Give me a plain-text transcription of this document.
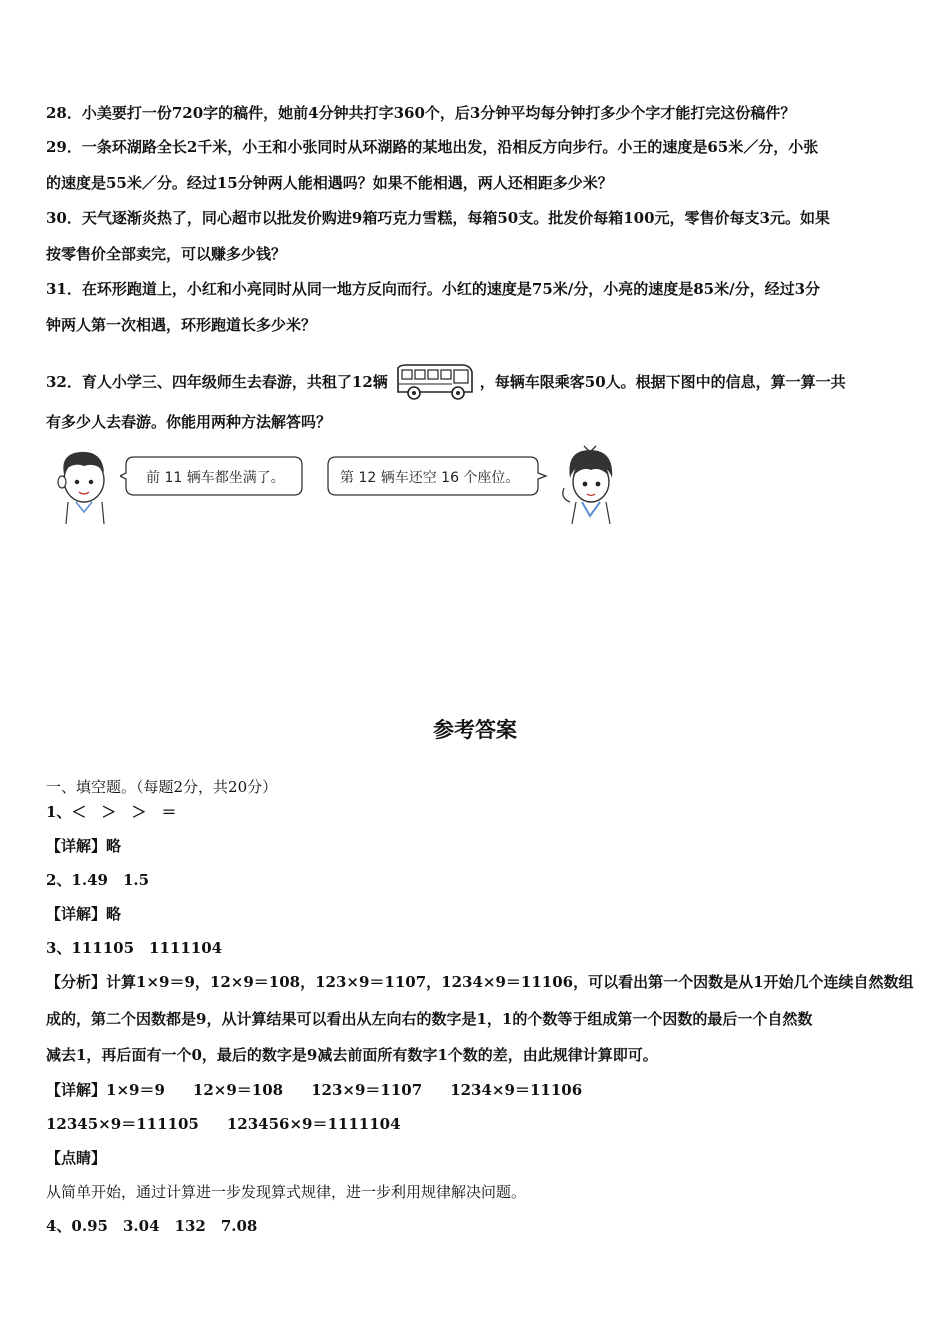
28．小美要打一份720字的稿件，她前4分钟共打字360个，后3分钟平均每分钟打多少个字才能打完这份稿件？
29．一条环湖路全长2千米，小王和小张同时从环湖路的某地出发，沿相反方向步行。小王的速度是65米／分，小张
的速度是55米／分。经过15分钟两人能相遇吗？如果不能相遇，两人还相距多少米？
30．天气逐渐炎热了，同心超市以批发价购进9箱巧克力雪糕，每箱50支。批发价每箱100元，零售价每支3元。如果
按零售价全部卖完，可以赚多少钱？
31．在环形跑道上，小红和小亮同时从同一地方反向而行。小红的速度是75米/分，小亮的速度是85米/分，经过3分
钟两人第一次相遇，环形跑道长多少米？
32．育人小学三、四年级师生去春游，共租了12辆	，每辆车限乘客50人。根据下图中的信息，算一算一共
有多少人去春游。你能用两种方法解答吗？
前 11 辆车都坐满了。	第 12 辆车还空 16 个座位。
参考答案
一、填空题。（每题2分，共20分）
1、＜　＞　＞　＝
【详解】略
2、1.49　1.5
【详解】略
3、111105　1111104
【分析】计算1×9＝9，12×9＝108，123×9＝1107，1234×9＝11106，可以看出第一个因数是从1开始几个连续自然数组
成的，第二个因数都是9，从计算结果可以看出从左向右的数字是1，1的个数等于组成第一个因数的最后一个自然数
减去1，再后面有一个0，最后的数字是9减去前面所有数字1个数的差，由此规律计算即可。
【详解】1×9＝9 12×9＝108 123×9＝1107 1234×9＝11106
12345×9＝111105 123456×9＝1111104
【点睛】
从简单开始，通过计算进一步发现算式规律，进一步利用规律解决问题。
4、0.95　3.04　132　7.08
